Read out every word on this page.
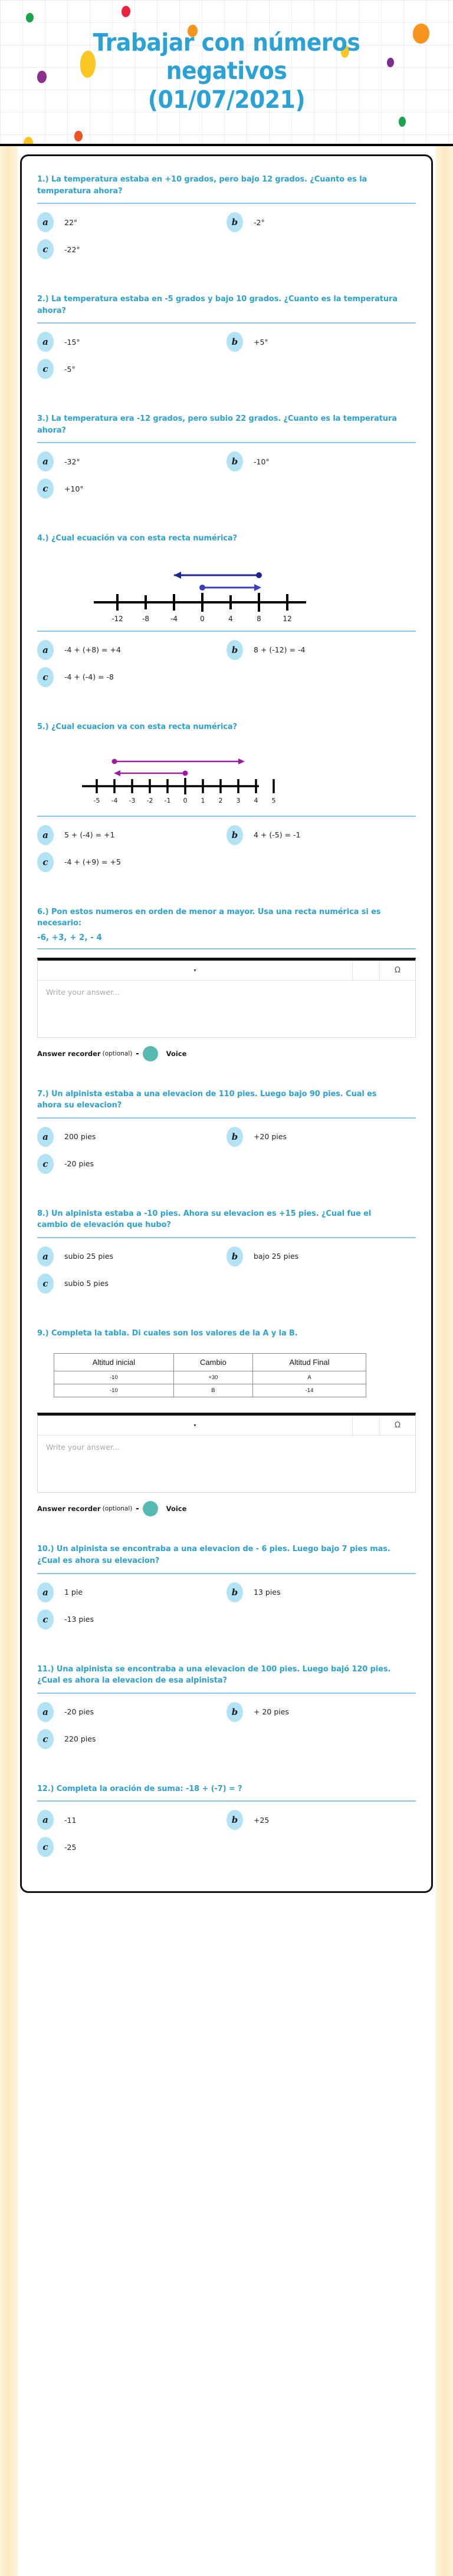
Trabajar con números
negativos
(01/07/2021)

1.) La temperatura estaba en +10 grados, pero bajo 12 grados. ¿Cuanto es la temperatura ahora?

a	22°	b	-2°
c	-22°

2.) La temperatura estaba en -5 grados y bajo 10 grados. ¿Cuanto es la temperatura ahora?

a	-15°	b	+5°
c	-5°

3.) La temperatura era -12 grados, pero subio 22 grados. ¿Cuanto es la temperatura ahora?

a	-32°	b	-10°
c	+10°

4.) ¿Cual ecuación va con esta recta numérica?

-12	-8	-4	0	4	8	12
a	-4 + (+8) = +4	b	8 + (-12) = -4
c	-4 + (-4) = -8

5.) ¿Cual ecuacion va con esta recta numérica?

-5 -4 -3 -2 -1 0 1 2 3 4 5
a	5 + (-4) = +1	b	4 + (-5) = -1
c	-4 + (+9) = +5

6.) Pon estos numeros en orden de menor a mayor. Usa una recta numérica si es necesario:

-6, +3, + 2, - 4

▾	Ω
Write your answer...
Answer recorder (optional) -	Voice

7.) Un alpinista estaba a una elevacion de 110 pies. Luego bajo 90 pies. Cual es ahora su elevacion?

a	200 pies	b	+20 pies
c	-20 pies

8.) Un alpinista estaba a -10 pies. Ahora su elevacion es +15 pies. ¿Cual fue el cambio de elevación que hubo?

a	subio 25 pies	b	bajo 25 pies
c	subio 5 pies

9.) Completa la tabla. Di cuales son los valores de la A y la B.

Altitud inicial	Cambio	Altitud Final
-10	+30	A
-10	B	-14
▾	Ω
Write your answer...
Answer recorder (optional) -	Voice

10.) Un alpinista se encontraba a una elevacion de - 6 pies. Luego bajo 7 pies mas. ¿Cual es ahora su elevacion?

a	1 pie	b	13 pies
c	-13 pies

11.) Una alpinista se encontraba a una elevacion de 100 pies. Luego bajó 120 pies. ¿Cual es ahora la elevacion de esa alpinista?

a	-20 pies	b	+ 20 pies
c	220 pies

12.) Completa la oración de suma: -18 + (-7) = ?

a	-11	b	+25
c	-25
